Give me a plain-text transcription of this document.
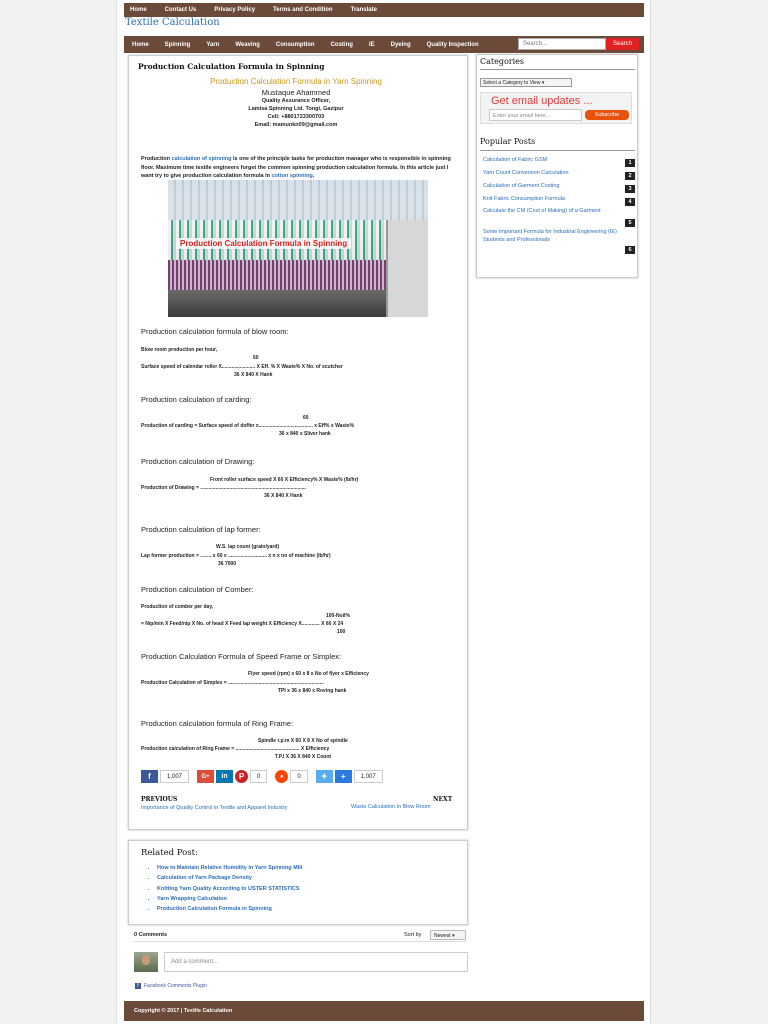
Home	Contact Us	Privacy Policy	Terms and Condition	Translate
Textile Calculation
Home	Spinning	Yarn	Weaving	Consumption	Costing	IE	Dyeing	Quality Inspection	Search...	Search
Production Calculation Formula in Spinning
Production Calculation Formula in Yarn Spinning
Mustaque Ahammed
Quality Assurance Officer,
Lamisa Spinning Ltd. Tongi, Gazipur
Cell: +8801723300703
Email: mamunkn09@gmail.com
Production calculation of spinning is one of the principle tasks for production manager who is responsible in spinning floor. Maximum time textile engineers forget the common spinning production calculation formula. In this article just I want try to give production calculation formula in cotton spinning.
Production Calculation Formula in Spinning
Production calculation formula of blow room:
Blow room production per hour,
60
Surface speed of calendar roller X........................ X Eff. % X Waste% X No. of scutcher
36 X 840 X Hank
Production calculation of carding:
60
Production of carding = Surface speed of doffer x....................................... x Eff% x Waste%
36 x 840 x Sliver hank
Production calculation of Drawing:
Front roller surface speed X 60 X Efficiency% X Waste% (lb/hr)
Production of Drawing = ............................................................................
36 X 840 X Hank
Production calculation of lap former:
W.S. lap count (grain/yard)
Lap former production = ........ x 60 x ............................ x n x no of machine (lb/hr)
36 7000
Production calculation of Comber:
Production of comber per day,
100-Noil%
= Nip/min X Feed/nip X No. of head X Feed lap weight X Efficiency X............. X 60 X 24
100
Production Calculation Formula of Speed Frame or Simplex:
Flyer speed (rpm) x 60 x 8 x No of flyer x Efficiency
Production Calculation of Simplex = .....................................................................
TPI x 36 x 840 x Roving hank
Production calculation formula of Ring Frame:
Spindle r.p.m X 60 X 8 X No of spindle
Production calculation of Ring Frame = .............................................. X Efficiency
T.P.I X 36 X 840 X Count
f	1,007	G+	in	P	0	●	0	✦	+	1,007
PREVIOUS
Importance of Quality Control in Textile and Apparel Industry
NEXT
Waste Calculation in Blow Room
Related Post:
• How to Maintain Relative Humidity in Yarn Spinning Mill
• Calculation of Yarn Package Density
• Knitting Yarn Quality According to USTER STATISTICS
• Yarn Wrapping Calculation
• Production Calculation Formula in Spinning
0 Comments	Sort by	Newest ▾
Add a comment...
f	Facebook Comments Plugin
Copyright © 2017 | Textile Calculation
Categories
Select a Category to View ▾
Get email updates ...
Enter your email here...	Subscribe
Popular Posts
Calculation of Fabric GSM	1
Yarn Count Conversion Calculation	2
Calculation of Garment Costing	3
Knit Fabric Consumption Formula	4
Calculate the CM (Cost of Making) of a Garment
5
Some Important Formula for Industrial Engineering (IE) Students and Professionals
6
